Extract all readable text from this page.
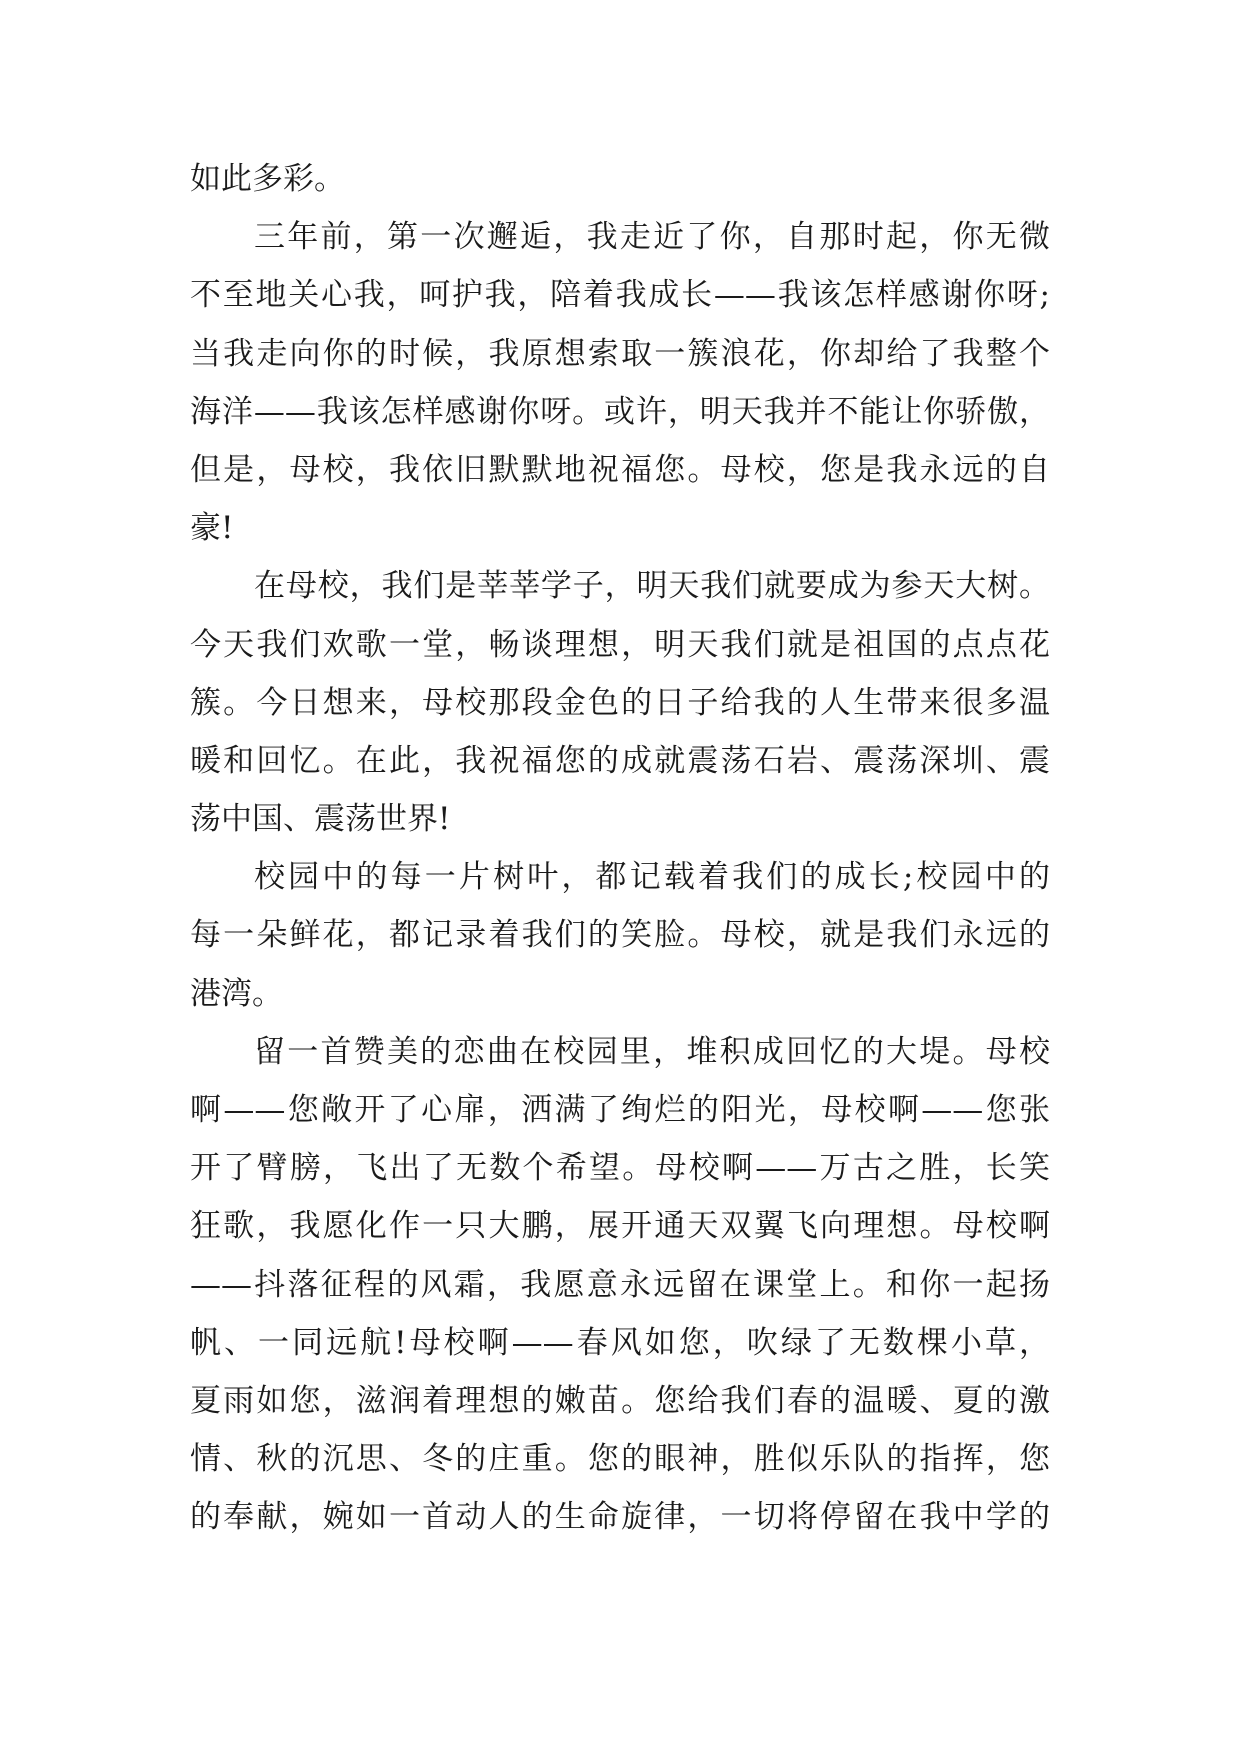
如此多彩。
三年前，第一次邂逅，我走近了你，自那时起，你无微
不至地关心我，呵护我，陪着我成长——我该怎样感谢你呀;
当我走向你的时候，我原想索取一簇浪花，你却给了我整个
海洋——我该怎样感谢你呀。或许，明天我并不能让你骄傲，
但是，母校，我依旧默默地祝福您。母校，您是我永远的自
豪!
在母校，我们是莘莘学子，明天我们就要成为参天大树。
今天我们欢歌一堂，畅谈理想，明天我们就是祖国的点点花
簇。今日想来，母校那段金色的日子给我的人生带来很多温
暖和回忆。在此，我祝福您的成就震荡石岩、震荡深圳、震
荡中国、震荡世界!
校园中的每一片树叶，都记载着我们的成长;校园中的
每一朵鲜花，都记录着我们的笑脸。母校，就是我们永远的
港湾。
留一首赞美的恋曲在校园里，堆积成回忆的大堤。母校
啊——您敞开了心扉，洒满了绚烂的阳光，母校啊——您张
开了臂膀，飞出了无数个希望。母校啊——万古之胜，长笑
狂歌，我愿化作一只大鹏，展开通天双翼飞向理想。母校啊
——抖落征程的风霜，我愿意永远留在课堂上。和你一起扬
帆、一同远航!母校啊——春风如您，吹绿了无数棵小草，
夏雨如您，滋润着理想的嫩苗。您给我们春的温暖、夏的激
情、秋的沉思、冬的庄重。您的眼神，胜似乐队的指挥，您
的奉献，婉如一首动人的生命旋律，一切将停留在我中学的
